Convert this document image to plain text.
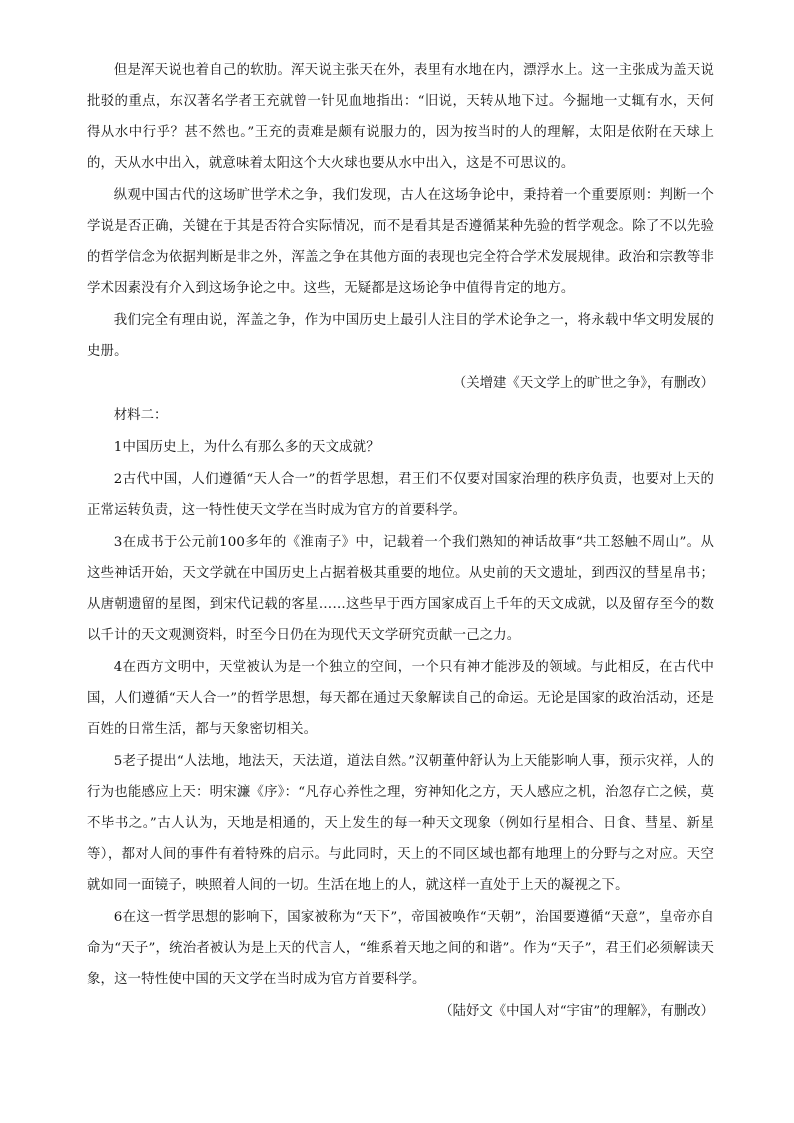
但是浑天说也着自己的软肋。浑天说主张天在外，表里有水地在内，漂浮水上。这一主张成为盖天说批驳的重点，东汉著名学者王充就曾一针见血地指出：“旧说，天转从地下过。今掘地一丈辄有水，天何得从水中行乎？甚不然也。”王充的责难是颇有说服力的，因为按当时的人的理解，太阳是依附在天球上的，天从水中出入，就意味着太阳这个大火球也要从水中出入，这是不可思议的。

纵观中国古代的这场旷世学术之争，我们发现，古人在这场争论中，秉持着一个重要原则：判断一个学说是否正确，关键在于其是否符合实际情况，而不是看其是否遵循某种先验的哲学观念。除了不以先验的哲学信念为依据判断是非之外，浑盖之争在其他方面的表现也完全符合学术发展规律。政治和宗教等非学术因素没有介入到这场争论之中。这些，无疑都是这场论争中值得肯定的地方。

我们完全有理由说，浑盖之争，作为中国历史上最引人注目的学术论争之一，将永载中华文明发展的史册。

（关增建《天文学上的旷世之争》，有删改）

材料二：

1中国历史上，为什么有那么多的天文成就？

2古代中国，人们遵循“天人合一”的哲学思想，君王们不仅要对国家治理的秩序负责，也要对上天的正常运转负责，这一特性使天文学在当时成为官方的首要科学。

3在成书于公元前100多年的《淮南子》中，记载着一个我们熟知的神话故事“共工怒触不周山”。从这些神话开始，天文学就在中国历史上占据着极其重要的地位。从史前的天文遗址，到西汉的彗星帛书；从唐朝遗留的星图，到宋代记载的客星……这些早于西方国家成百上千年的天文成就，以及留存至今的数以千计的天文观测资料，时至今日仍在为现代天文学研究贡献一己之力。

4在西方文明中，天堂被认为是一个独立的空间，一个只有神才能涉及的领域。与此相反，在古代中国，人们遵循“天人合一”的哲学思想，每天都在通过天象解读自己的命运。无论是国家的政治活动，还是百姓的日常生活，都与天象密切相关。

5老子提出“人法地，地法天，天法道，道法自然。”汉朝董仲舒认为上天能影响人事，预示灾祥，人的行为也能感应上天：明宋濂《序》：“凡存心养性之理，穷神知化之方，天人感应之机，治忽存亡之候，莫不毕书之。”古人认为，天地是相通的，天上发生的每一种天文现象（例如行星相合、日食、彗星、新星等），都对人间的事件有着特殊的启示。与此同时，天上的不同区域也都有地理上的分野与之对应。天空就如同一面镜子，映照着人间的一切。生活在地上的人，就这样一直处于上天的凝视之下。

6在这一哲学思想的影响下，国家被称为“天下”，帝国被唤作“天朝”，治国要遵循“天意”，皇帝亦自命为“天子”，统治者被认为是上天的代言人，“维系着天地之间的和谐”。作为“天子”，君王们必须解读天象，这一特性使中国的天文学在当时成为官方首要科学。

（陆妤文《中国人对“宇宙”的理解》，有删改）
